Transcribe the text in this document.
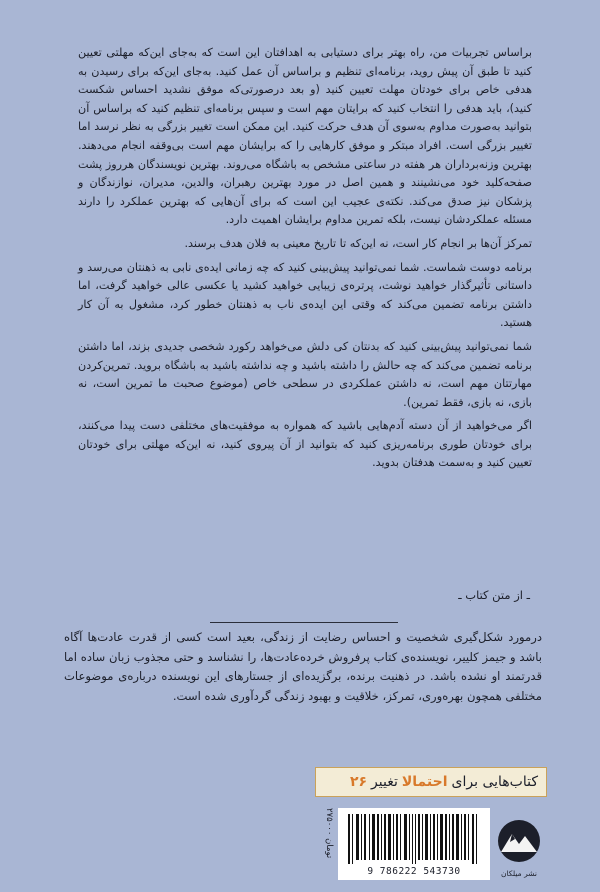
براساس تجربیات من، راه بهتر برای دستیابی به اهدافتان این است که به‌جای این‌که مهلتی تعیین کنید تا طبق آن پیش روید، برنامه‌ای تنظیم و براساس آن عمل کنید. به‌جای این‌که برای رسیدن به هدفی خاص برای خودتان مهلت تعیین کنید (و بعد درصورتی‌که موفق نشدید احساس شکست کنید)، باید هدفی را انتخاب کنید که برایتان مهم است و سپس برنامه‌ای تنظیم کنید که براساس آن بتوانید به‌صورت مداوم به‌سوی آن هدف حرکت کنید. این ممکن است تغییر بزرگی به نظر نرسد اما تغییر بزرگی است. افراد مبتکر و موفق کارهایی را که برایشان مهم است بی‌وقفه انجام می‌دهند. بهترین وزنه‌برداران هر هفته در ساعتی مشخص به باشگاه می‌روند. بهترین نویسندگان هرروز پشت صفحه‌کلید خود می‌نشینند و همین اصل در مورد بهترین رهبران، والدین، مدیران، نوازندگان و پزشکان نیز صدق می‌کند. نکته‌ی عجیب این است که برای آن‌هایی که بهترین عملکرد را دارند مسئله عملکردشان نیست، بلکه تمرین مداوم برایشان اهمیت دارد.

تمرکز آن‌ها بر انجام کار است، نه این‌که تا تاریخ معینی به فلان هدف برسند.

برنامه دوست شماست. شما نمی‌توانید پیش‌بینی کنید که چه زمانی ایده‌ی نابی به ذهنتان می‌رسد و داستانی تأثیرگذار خواهید نوشت، پرتره‌ی زیبایی خواهید کشید یا عکسی عالی خواهید گرفت، اما داشتن برنامه تضمین می‌کند که وقتی این ایده‌ی ناب به ذهنتان خطور کرد، مشغول به آن کار هستید.

شما نمی‌توانید پیش‌بینی کنید که بدنتان کی دلش می‌خواهد رکورد شخصی جدیدی بزند، اما داشتن برنامه تضمین می‌کند که چه حالش را داشته باشید و چه نداشته باشید به باشگاه بروید. تمرین‌کردن مهارتتان مهم است، نه داشتن عملکردی در سطحی خاص (موضوع صحبت ما تمرین است، نه بازی، نه بازی، فقط تمرین).

اگر می‌خواهید از آن دسته آدم‌هایی باشید که همواره به موفقیت‌های مختلفی دست پیدا می‌کنند، برای خودتان طوری برنامه‌ریزی کنید که بتوانید از آن پیروی کنید، نه این‌که مهلتی برای خودتان تعیین کنید و به‌سمت هدفتان بدوید.

ـ از متن کتاب ـ

درمورد شکل‌گیری شخصیت و احساس رضایت از زندگی، بعید است کسی از قدرت عادت‌ها آگاه باشد و جیمز کلییر، نویسنده‌ی کتاب پرفروش خرده‌عادت‌ها، را نشناسد و حتی مجذوب زبان ساده اما قدرتمند او نشده باشد. در ذهنیت برنده، برگزیده‌ای از جستارهای این نویسنده درباره‌ی موضوعات مختلفی همچون بهره‌وری، تمرکز، خلاقیت و بهبود زندگی گردآوری شده است.

کتاب‌هایی برای
احتمالا
تغییر
۲۶
۲۷۵۰۰۰ تومان
9 786222 543730	نشر میلکان
